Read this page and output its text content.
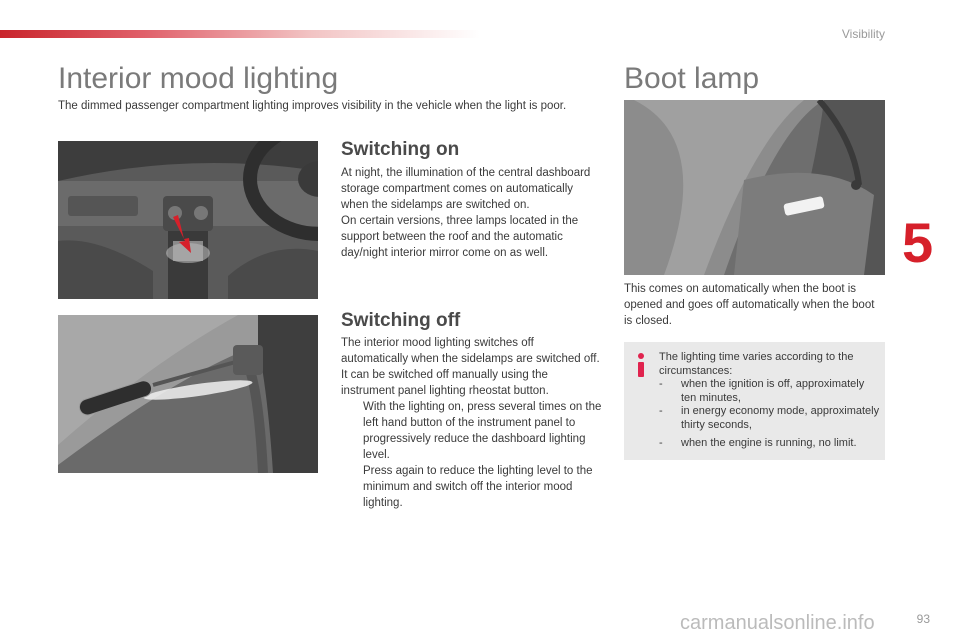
Visibility
5
Interior mood lighting
The dimmed passenger compartment lighting improves visibility in the vehicle when the light is poor.
Switching on

At night, the illumination of the central dashboard storage compartment comes on automatically when the sidelamps are switched on.

On certain versions, three lamps located in the support between the roof and the automatic day/night interior mirror come on as well.

Switching off

The interior mood lighting switches off automatically when the sidelamps are switched off.

It can be switched off manually using the instrument panel lighting rheostat button.

With the lighting on, press several times on the left hand button of the instrument panel to progressively reduce the dashboard lighting level.
Press again to reduce the lighting level to the minimum and switch off the interior mood lighting.
Boot lamp
This comes on automatically when the boot is opened and goes off automatically when the boot is closed.
The lighting time varies according to the circumstances:
-	when the ignition is off, approximately ten minutes,
-	in energy economy mode, approximately thirty seconds,
-	when the engine is running, no limit.
carmanualsonline.info	93
